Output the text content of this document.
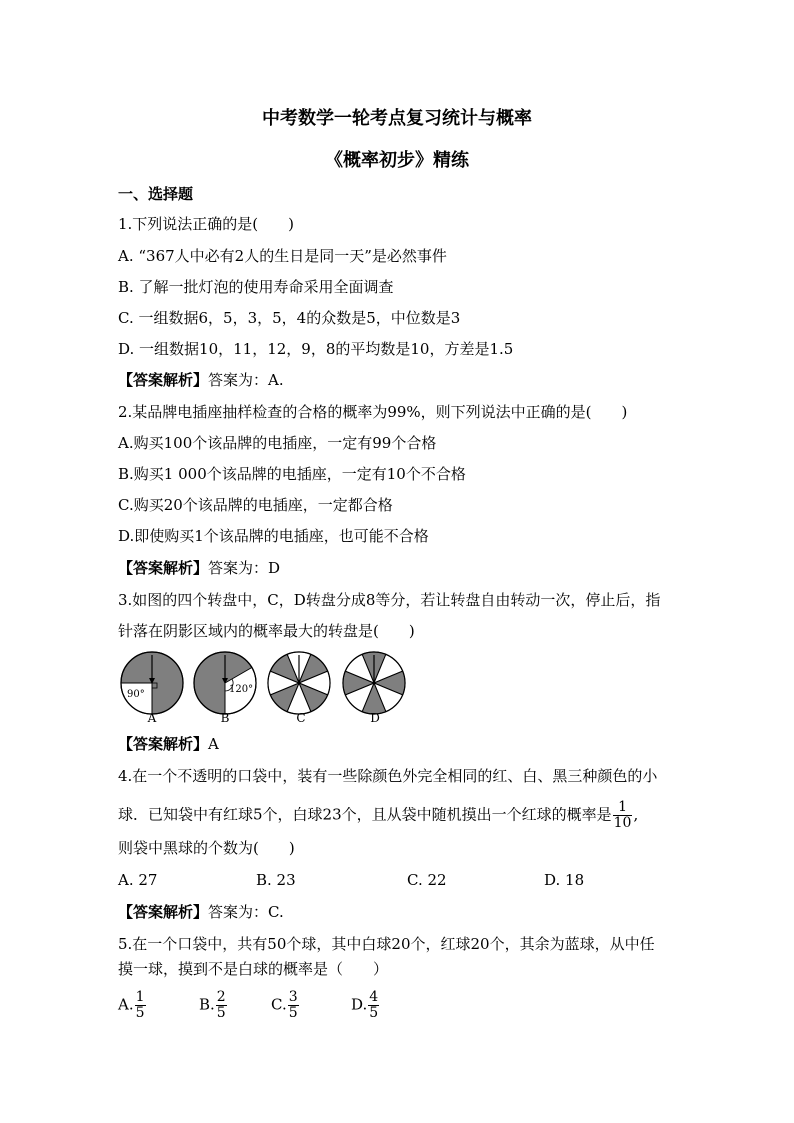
中考数学一轮考点复习统计与概率
《概率初步》精练
一、选择题
1.下列说法正确的是(　　)
A. “367人中必有2人的生日是同一天”是必然事件
B. 了解一批灯泡的使用寿命采用全面调查
C. 一组数据6，5，3，5，4的众数是5，中位数是3
D. 一组数据10，11，12，9，8的平均数是10，方差是1.5
【答案解析】答案为：A.
2.某品牌电插座抽样检查的合格的概率为99%，则下列说法中正确的是(　　)
A.购买100个该品牌的电插座，一定有99个合格
B.购买1 000个该品牌的电插座，一定有10个不合格
C.购买20个该品牌的电插座，一定都合格
D.即使购买1个该品牌的电插座，也可能不合格
【答案解析】答案为：D
3.如图的四个转盘中，C，D转盘分成8等分，若让转盘自由转动一次，停止后，指
针落在阴影区域内的概率最大的转盘是(　　)
90°	120°
A	B	C	D
【答案解析】A
4.在一个不透明的口袋中，装有一些除颜色外完全相同的红、白、黑三种颜色的小
球．已知袋中有红球5个，白球23个，且从袋中随机摸出一个红球的概率是 $\frac{1}{10}$ ,
则袋中黑球的个数为(　　)
A. 27	B. 23	C. 22	D. 18
【答案解析】答案为：C.
5.在一个口袋中，共有50个球，其中白球20个，红球20个，其余为蓝球，从中任
摸一球，摸到不是白球的概率是（　　）
A. $\frac{1}{5}$	B. $\frac{2}{5}$	C. $\frac{3}{5}$	D. $\frac{4}{5}$
